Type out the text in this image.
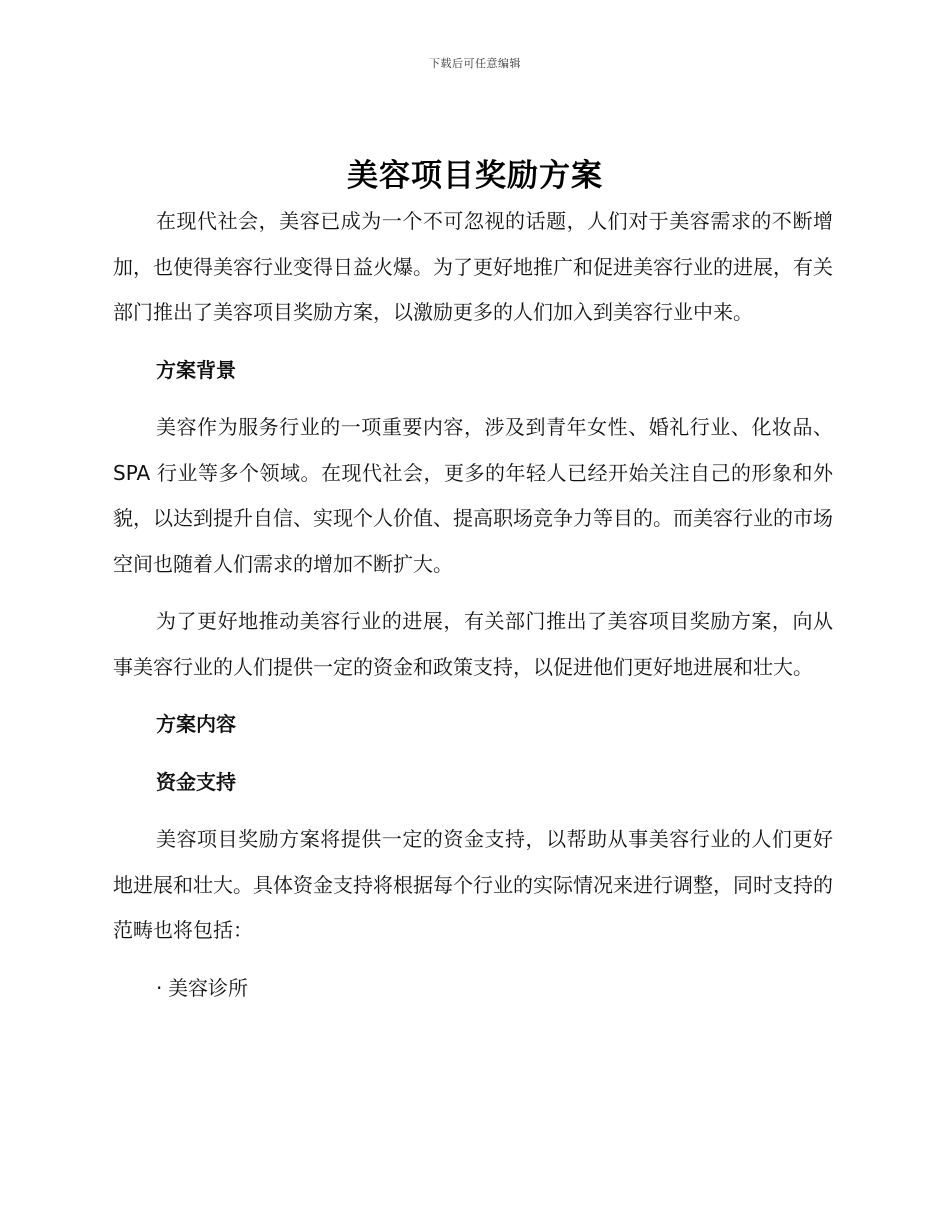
下载后可任意编辑
美容项目奖励方案

在现代社会，美容已成为一个不可忽视的话题，人们对于美容需求的不断增加，也使得美容行业变得日益火爆。为了更好地推广和促进美容行业的进展，有关部门推出了美容项目奖励方案，以激励更多的人们加入到美容行业中来。

方案背景

美容作为服务行业的一项重要内容，涉及到青年女性、婚礼行业、化妆品、SPA 行业等多个领域。在现代社会，更多的年轻人已经开始关注自己的形象和外貌，以达到提升自信、实现个人价值、提高职场竞争力等目的。而美容行业的市场空间也随着人们需求的增加不断扩大。

为了更好地推动美容行业的进展，有关部门推出了美容项目奖励方案，向从事美容行业的人们提供一定的资金和政策支持，以促进他们更好地进展和壮大。

方案内容

资金支持

美容项目奖励方案将提供一定的资金支持，以帮助从事美容行业的人们更好地进展和壮大。具体资金支持将根据每个行业的实际情况来进行调整，同时支持的范畴也将包括：

· 美容诊所
